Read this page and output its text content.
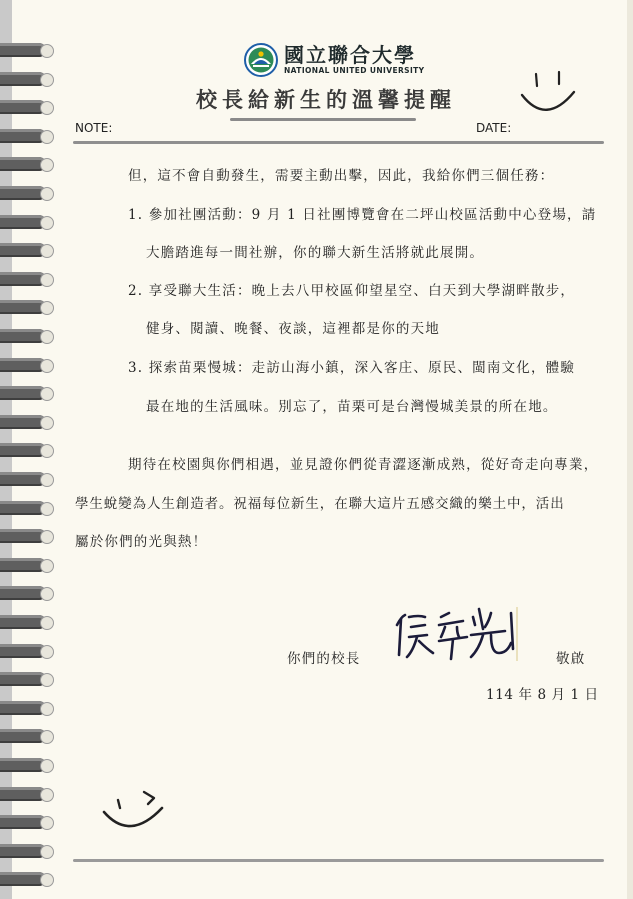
國立聯合大學
NATIONAL UNITED UNIVERSITY
校長給新生的溫馨提醒
NOTE:	DATE:
但，這不會自動發生，需要主動出擊，因此，我給你們三個任務：
1. 參加社團活動：9 月 1 日社團博覽會在二坪山校區活動中心登場，請
大膽踏進每一間社辦，你的聯大新生活將就此展開。
2. 享受聯大生活：晚上去八甲校區仰望星空、白天到大學湖畔散步，
健身、閱讀、晚餐、夜談，這裡都是你的天地
3. 探索苗栗慢城：走訪山海小鎮，深入客庄、原民、閩南文化，體驗
最在地的生活風味。別忘了，苗栗可是台灣慢城美景的所在地。
期待在校園與你們相遇，並見證你們從青澀逐漸成熟，從好奇走向專業，
學生蛻變為人生創造者。祝福每位新生，在聯大這片五感交織的樂土中，活出
屬於你們的光與熱！
你們的校長	敬啟
114 年 8 月 1 日
